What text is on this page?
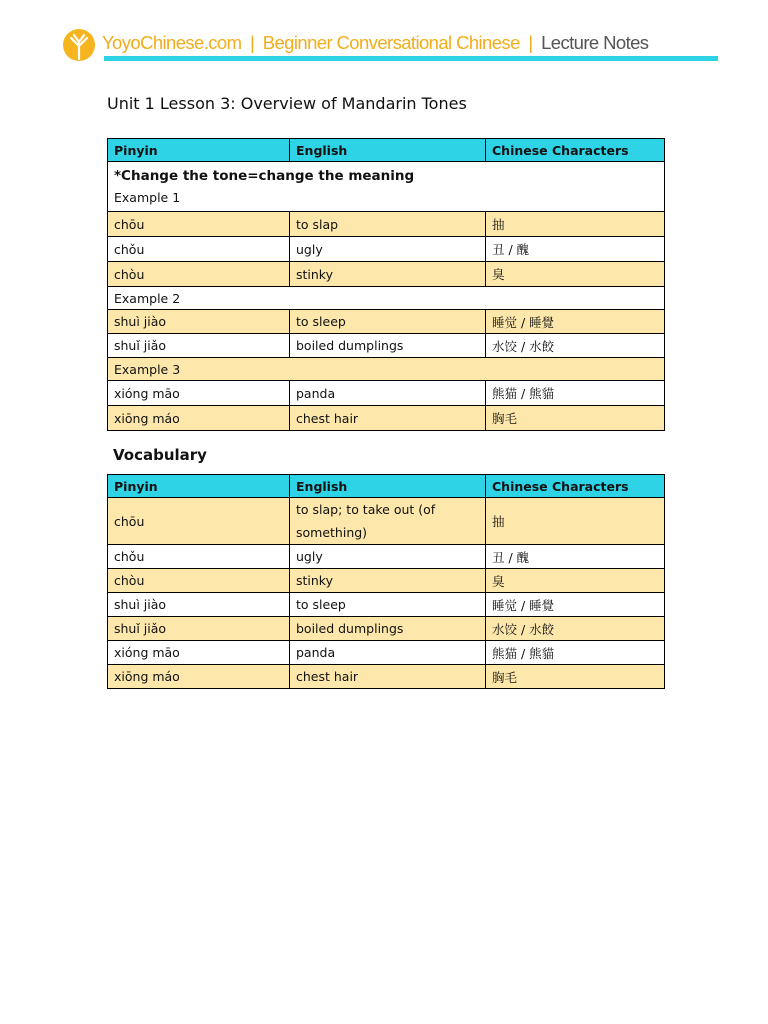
YoyoChinese.com | Beginner Conversational Chinese | Lecture Notes
Unit 1 Lesson 3: Overview of Mandarin Tones
Pinyin	English	Chinese Characters

*Change the tone=change the meaning
Example 1		

chōu	to slap	抽
chǒu	ugly	丑 / 醜
chòu	stinky	臭
Example 2		
shuì jiào	to sleep	睡觉 / 睡覺
shuǐ jiǎo	boiled dumplings	水饺 / 水餃
Example 3		
xióng māo	panda	熊猫 / 熊貓
xiōng máo	chest hair	胸毛
Vocabulary
Pinyin	English	Chinese Characters
chōu	to slap; to take out (of something)	抽
chǒu	ugly	丑 / 醜
chòu	stinky	臭
shuì jiào	to sleep	睡觉 / 睡覺
shuǐ jiǎo	boiled dumplings	水饺 / 水餃
xióng māo	panda	熊猫 / 熊貓
xiōng máo	chest hair	胸毛
